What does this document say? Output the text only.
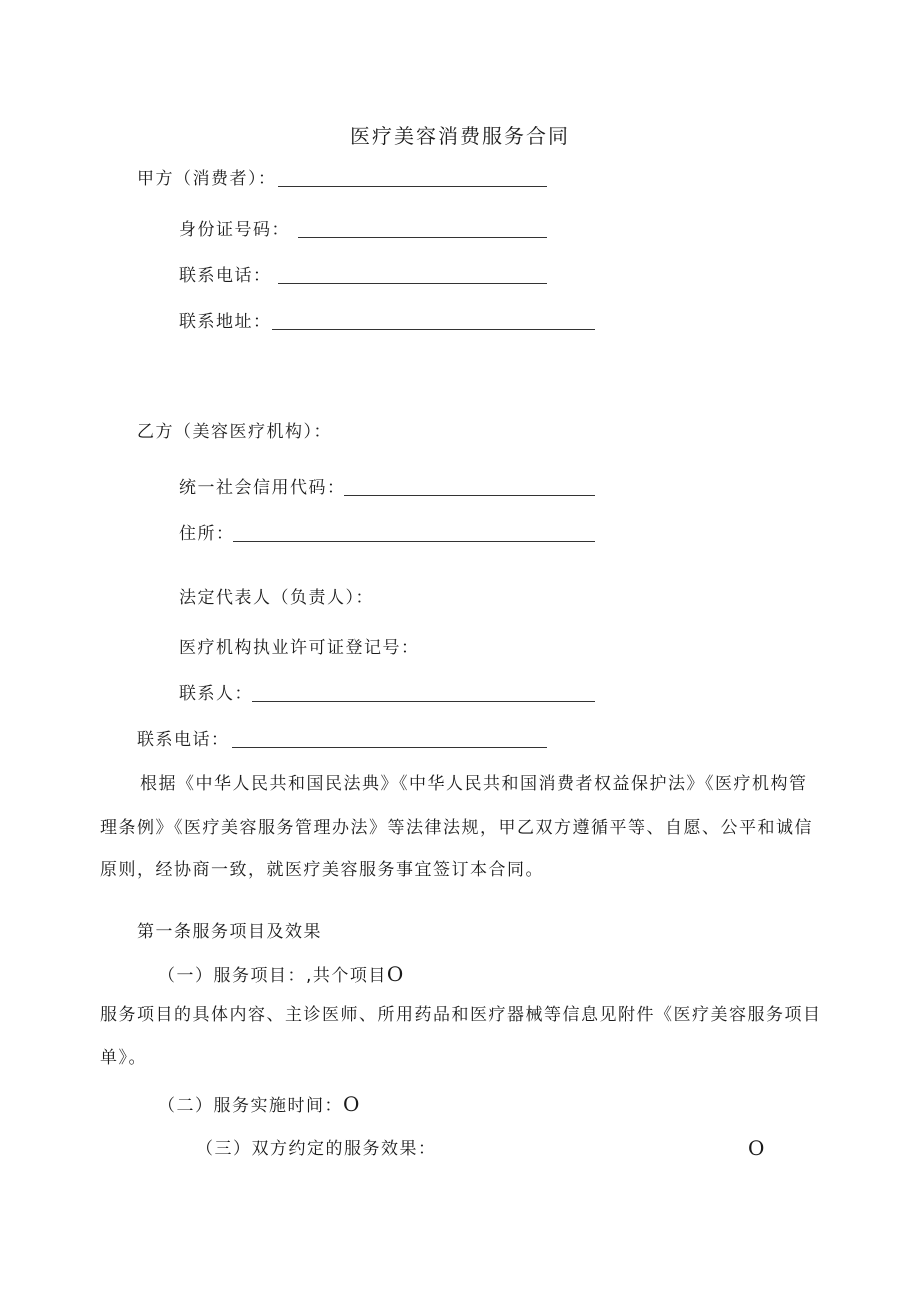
医疗美容消费服务合同
甲方（消费者）：
身份证号码：
联系电话：
联系地址：
乙方（美容医疗机构）：
统一社会信用代码：
住所：
法定代表人（负责人）：
医疗机构执业许可证登记号：
联系人：
联系电话：
根据《中华人民共和国民法典》《中华人民共和国消费者权益保护法》《医疗机构管
理条例》《医疗美容服务管理办法》等法律法规，甲乙双方遵循平等、自愿、公平和诚信
原则，经协商一致，就医疗美容服务事宜签订本合同。
第一条服务项目及效果
（一）服务项目：,共个项目O
服务项目的具体内容、主诊医师、所用药品和医疗器械等信息见附件《医疗美容服务项目
单》。
（二）服务实施时间：O
（三）双方约定的服务效果：	O
